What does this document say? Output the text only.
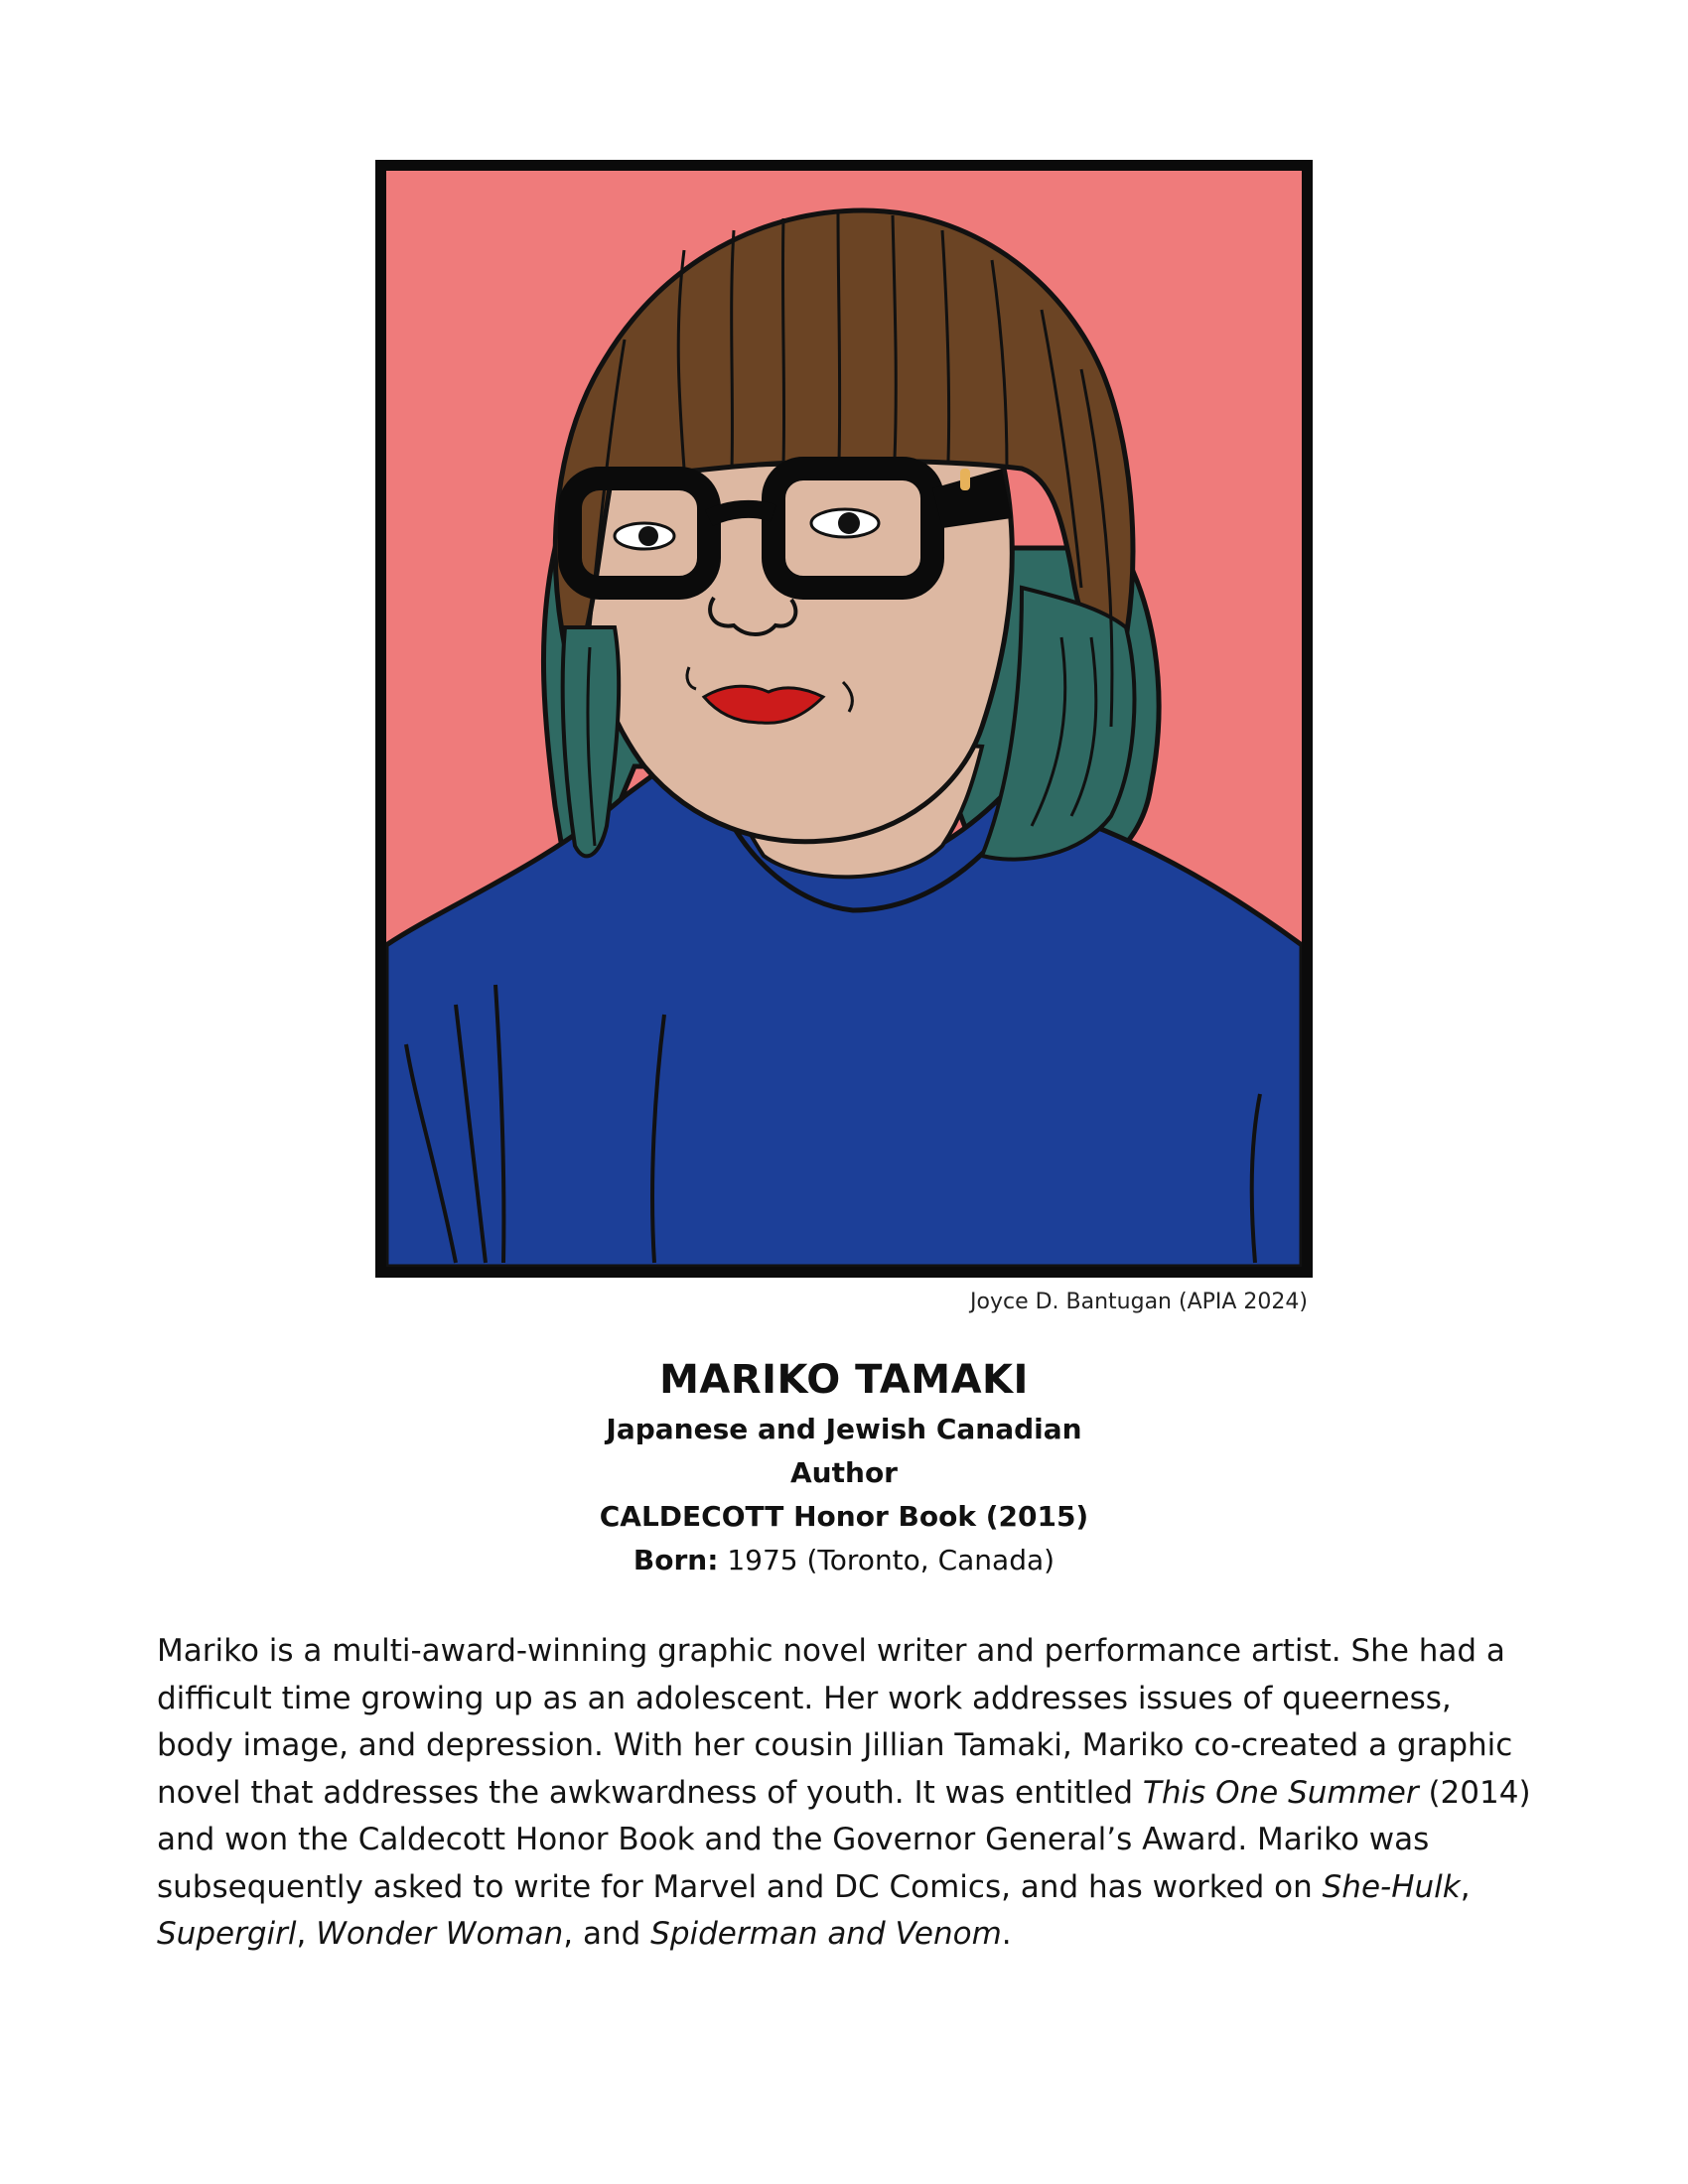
Joyce D. Bantugan (APIA 2024)
MARIKO TAMAKI
Japanese and Jewish Canadian
Author
CALDECOTT Honor Book (2015)
Born: 1975 (Toronto, Canada)
Mariko is a multi-award-winning graphic novel writer and performance artist. She had a difficult time growing up as an adolescent. Her work addresses issues of queerness, body image, and depression. With her cousin Jillian Tamaki, Mariko co-created a graphic novel that addresses the awkwardness of youth. It was entitled This One Summer (2014) and won the Caldecott Honor Book and the Governor General’s Award. Mariko was subsequently asked to write for Marvel and DC Comics, and has worked on She-Hulk, Supergirl, Wonder Woman, and Spiderman and Venom.
